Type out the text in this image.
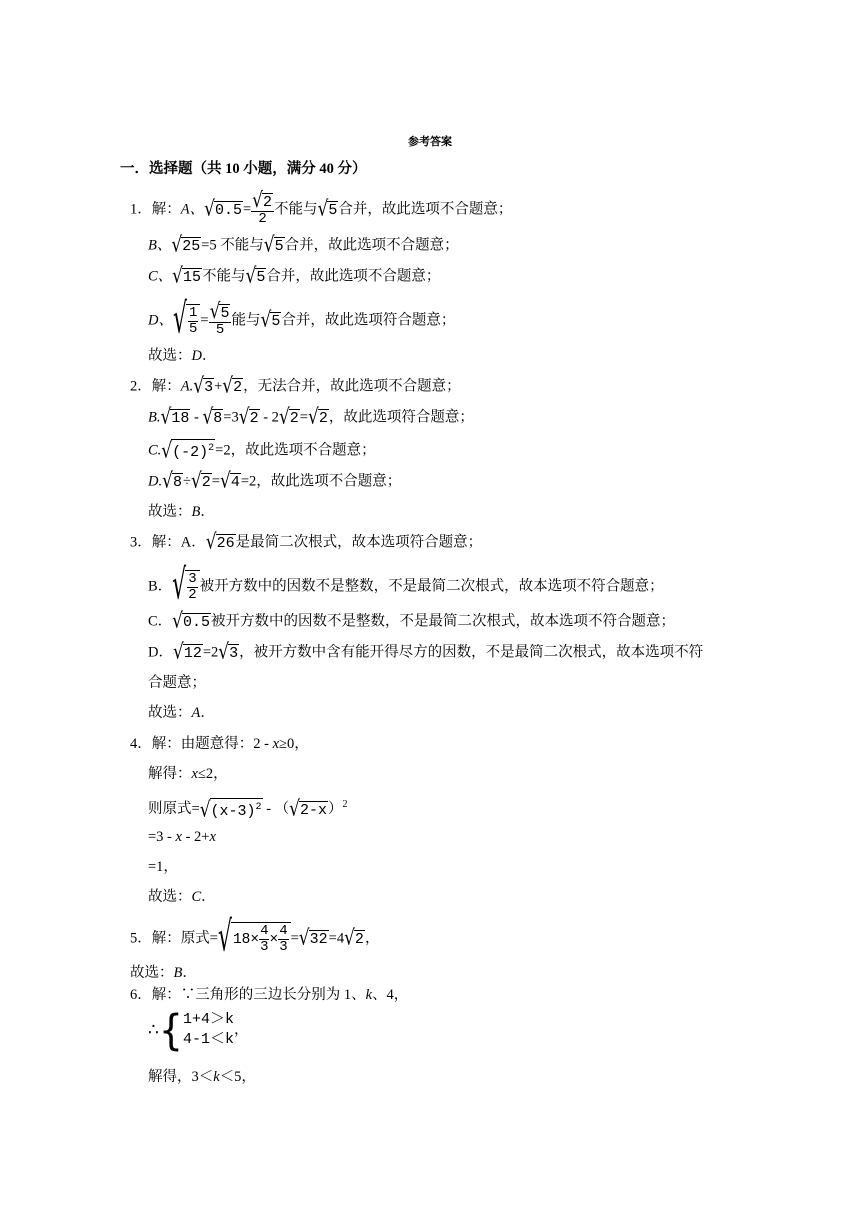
参考答案
一．选择题（共 10 小题，满分 40 分）
1．解：A、$√0.5= \frac{√2}{2}$ 不能与√5合并，故此选项不合题意；
B、√25=5 不能与√5合并，故此选项不合题意；
C、√15不能与√5合并，故此选项不合题意；
D、 √ $\frac{1}{5} = \frac{√5}{5}$ 能与√5合并，故此选项符合题意；
故选：D．
2．解：A.√3+√2，无法合并，故此选项不合题意；
B.√18 - √8=3√2 - 2√2=√2，故此选项符合题意；
$C.√(-2)^2=2$，故此选项不合题意；
D.√8÷√2=√4=2，故此选项不合题意；
故选：B．
3．解：A．√26是最简二次根式，故本选项符合题意；
B． √ $\frac{3}{2}$ 被开方数中的因数不是整数，不是最简二次根式，故本选项不符合题意；
C．√0.5被开方数中的因数不是整数，不是最简二次根式，故本选项不符合题意；
D．√12=2√3，被开方数中含有能开得尽方的因数，不是最简二次根式，故本选项不符
合题意；
故选：A．
4．解：由题意得：2 - x≥0，
解得：x≤2，
则原式$=√(x-3)^2 - (√2-x)^2$
=3 - x - 2+x
=1，
故选：C．
5．解：原式= √ $18\times \frac{4}{3} \times \frac{4}{3} =√32=4√2$，
故选：B．
6．解：∵三角形的三边长分别为 1、k、4，
∴ { 1+4＞k
4-1＜k
，
解得，3＜k＜5，
